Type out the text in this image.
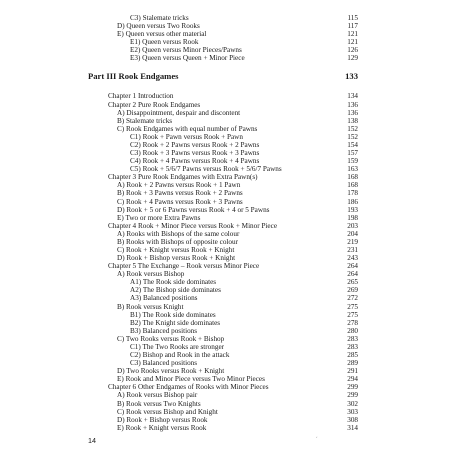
C3) Stalemate tricks	115
D) Queen versus Two Rooks	117
E) Queen versus other material	121
E1) Queen versus Rook	121
E2) Queen versus Minor Pieces/Pawns	126
E3) Queen versus Queen + Minor Piece	129
Part III Rook Endgames	133
Chapter 1 Introduction	134
Chapter 2 Pure Rook Endgames	136
A) Disappointment, despair and discontent	136
B) Stalemate tricks	138
C) Rook Endgames with equal number of Pawns	152
C1) Rook + Pawn versus Rook + Pawn	152
C2) Rook + 2 Pawns versus Rook + 2 Pawns	154
C3) Rook + 3 Pawns versus Rook + 3 Pawns	157
C4) Rook + 4 Pawns versus Rook + 4 Pawns	159
C5) Rook + 5/6/7 Pawns versus Rook + 5/6/7 Pawns	163
Chapter 3 Pure Rook Endgames with Extra Pawn(s)	168
A) Rook + 2 Pawns versus Rook + 1 Pawn	168
B) Rook + 3 Pawns versus Rook + 2 Pawns	178
C) Rook + 4 Pawns versus Rook + 3 Pawns	186
D) Rook + 5 or 6 Pawns versus Rook + 4 or 5 Pawns	193
E) Two or more Extra Pawns	198
Chapter 4 Rook + Minor Piece versus Rook + Minor Piece	203
A) Rooks with Bishops of the same colour	204
B) Rooks with Bishops of opposite colour	219
C) Rook + Knight versus Rook + Knight	231
D) Rook + Bishop versus Rook + Knight	243
Chapter 5 The Exchange – Rook versus Minor Piece	264
A) Rook versus Bishop	264
A1) The Rook side dominates	265
A2) The Bishop side dominates	269
A3) Balanced positions	272
B) Rook versus Knight	275
B1) The Rook side dominates	275
B2) The Knight side dominates	278
B3) Balanced positions	280
C) Two Rooks versus Rook + Bishop	283
C1) The Two Rooks are stronger	283
C2) Bishop and Rook in the attack	285
C3) Balanced positions	289
D) Two Rooks versus Rook + Knight	291
E) Rook and Minor Piece versus Two Minor Pieces	294
Chapter 6 Other Endgames of Rooks with Minor Pieces	299
A) Rook versus Bishop pair	299
B) Rook versus Two Knights	302
C) Rook versus Bishop and Knight	303
D) Rook + Bishop versus Rook	308
E) Rook + Knight versus Rook	314
14	‘
